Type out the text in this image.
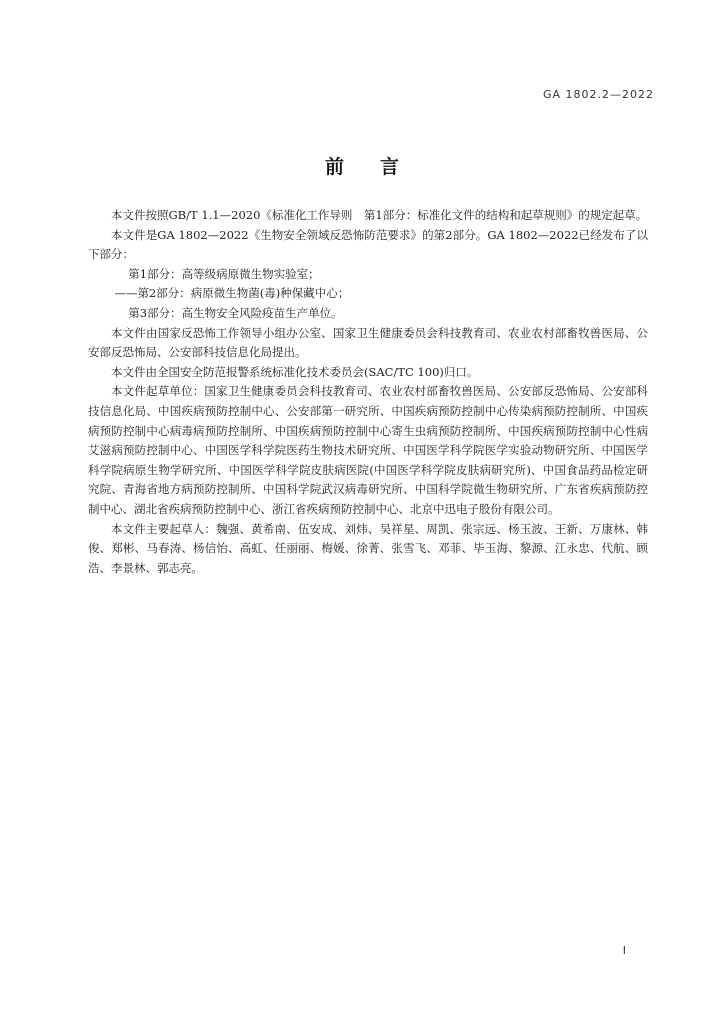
GA 1802.2—2022
前言

本文件按照GB/T 1.1—2020《标准化工作导则　第1部分：标准化文件的结构和起草规则》的规定起草。

本文件是GA 1802—2022《生物安全领域反恐怖防范要求》的第2部分。GA 1802—2022已经发布了以下部分：

第1部分：高等级病原微生物实验室；

——第2部分：病原微生物菌(毒)种保藏中心；

第3部分：高生物安全风险疫苗生产单位。

本文件由国家反恐怖工作领导小组办公室、国家卫生健康委员会科技教育司、农业农村部畜牧兽医局、公安部反恐怖局、公安部科技信息化局提出。

本文件由全国安全防范报警系统标准化技术委员会(SAC/TC 100)归口。

本文件起草单位：国家卫生健康委员会科技教育司、农业农村部畜牧兽医局、公安部反恐怖局、公安部科技信息化局、中国疾病预防控制中心、公安部第一研究所、中国疾病预防控制中心传染病预防控制所、中国疾病预防控制中心病毒病预防控制所、中国疾病预防控制中心寄生虫病预防控制所、中国疾病预防控制中心性病艾滋病预防控制中心、中国医学科学院医药生物技术研究所、中国医学科学院医学实验动物研究所、中国医学科学院病原生物学研究所、中国医学科学院皮肤病医院(中国医学科学院皮肤病研究所)、中国食品药品检定研究院、青海省地方病预防控制所、中国科学院武汉病毒研究所、中国科学院微生物研究所、广东省疾病预防控制中心、湖北省疾病预防控制中心、浙江省疾病预防控制中心、北京中迅电子股份有限公司。

本文件主要起草人：魏强、黄希南、伍安成、刘炜、吴祥星、周凯、张宗远、杨玉波、王新、万康林、韩俊、郑彬、马春涛、杨信怡、高虹、任丽丽、梅媛、徐菁、张雪飞、邓菲、毕玉海、黎源、江永忠、代航、顾浩、李景林、郭志亮。

I
